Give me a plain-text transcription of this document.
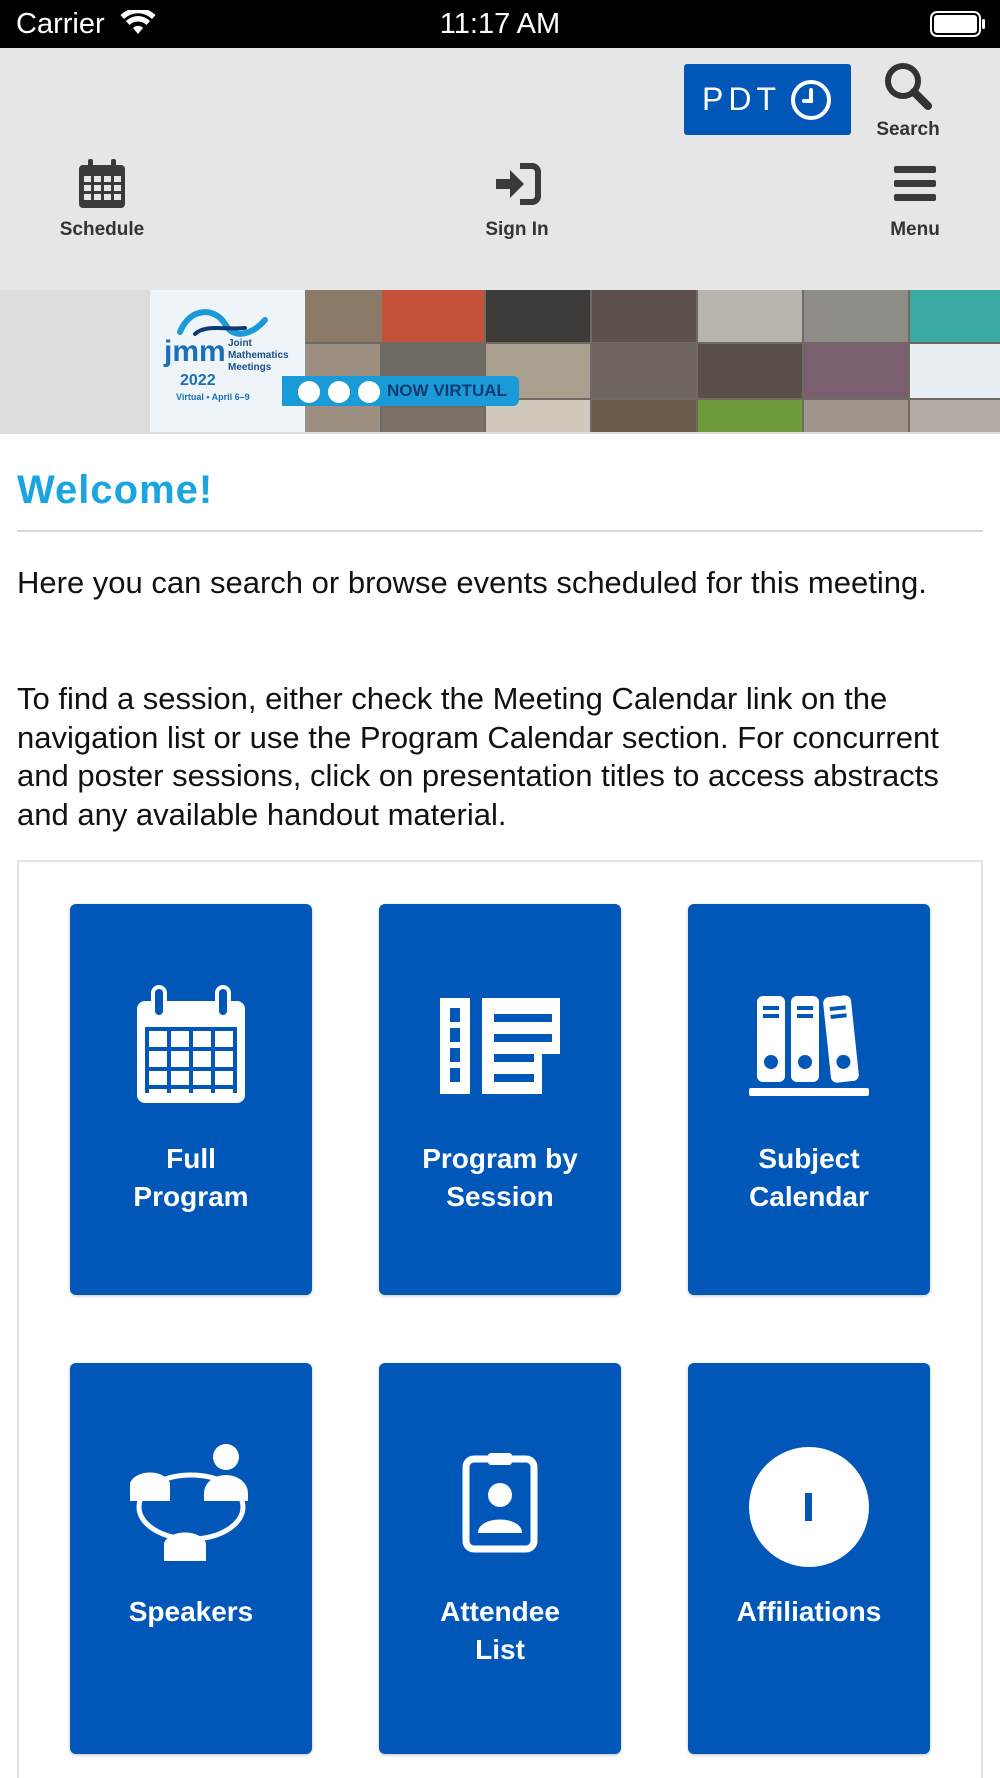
Carrier	11:17 AM
PDT
Search
Schedule	Sign In	Menu
jmm Joint Mathematics Meetings
2022
Virtual • April 6–9	NOW VIRTUAL
Welcome!

Here you can search or browse events scheduled for this meeting.

To find a session, either check the Meeting Calendar link on the navigation list or use the Program Calendar section. For concurrent and poster sessions, click on presentation titles to access abstracts and any available handout material.

Full
Program
Program by
Session
Subject
Calendar
Speakers	Attendee
List
Affiliations
